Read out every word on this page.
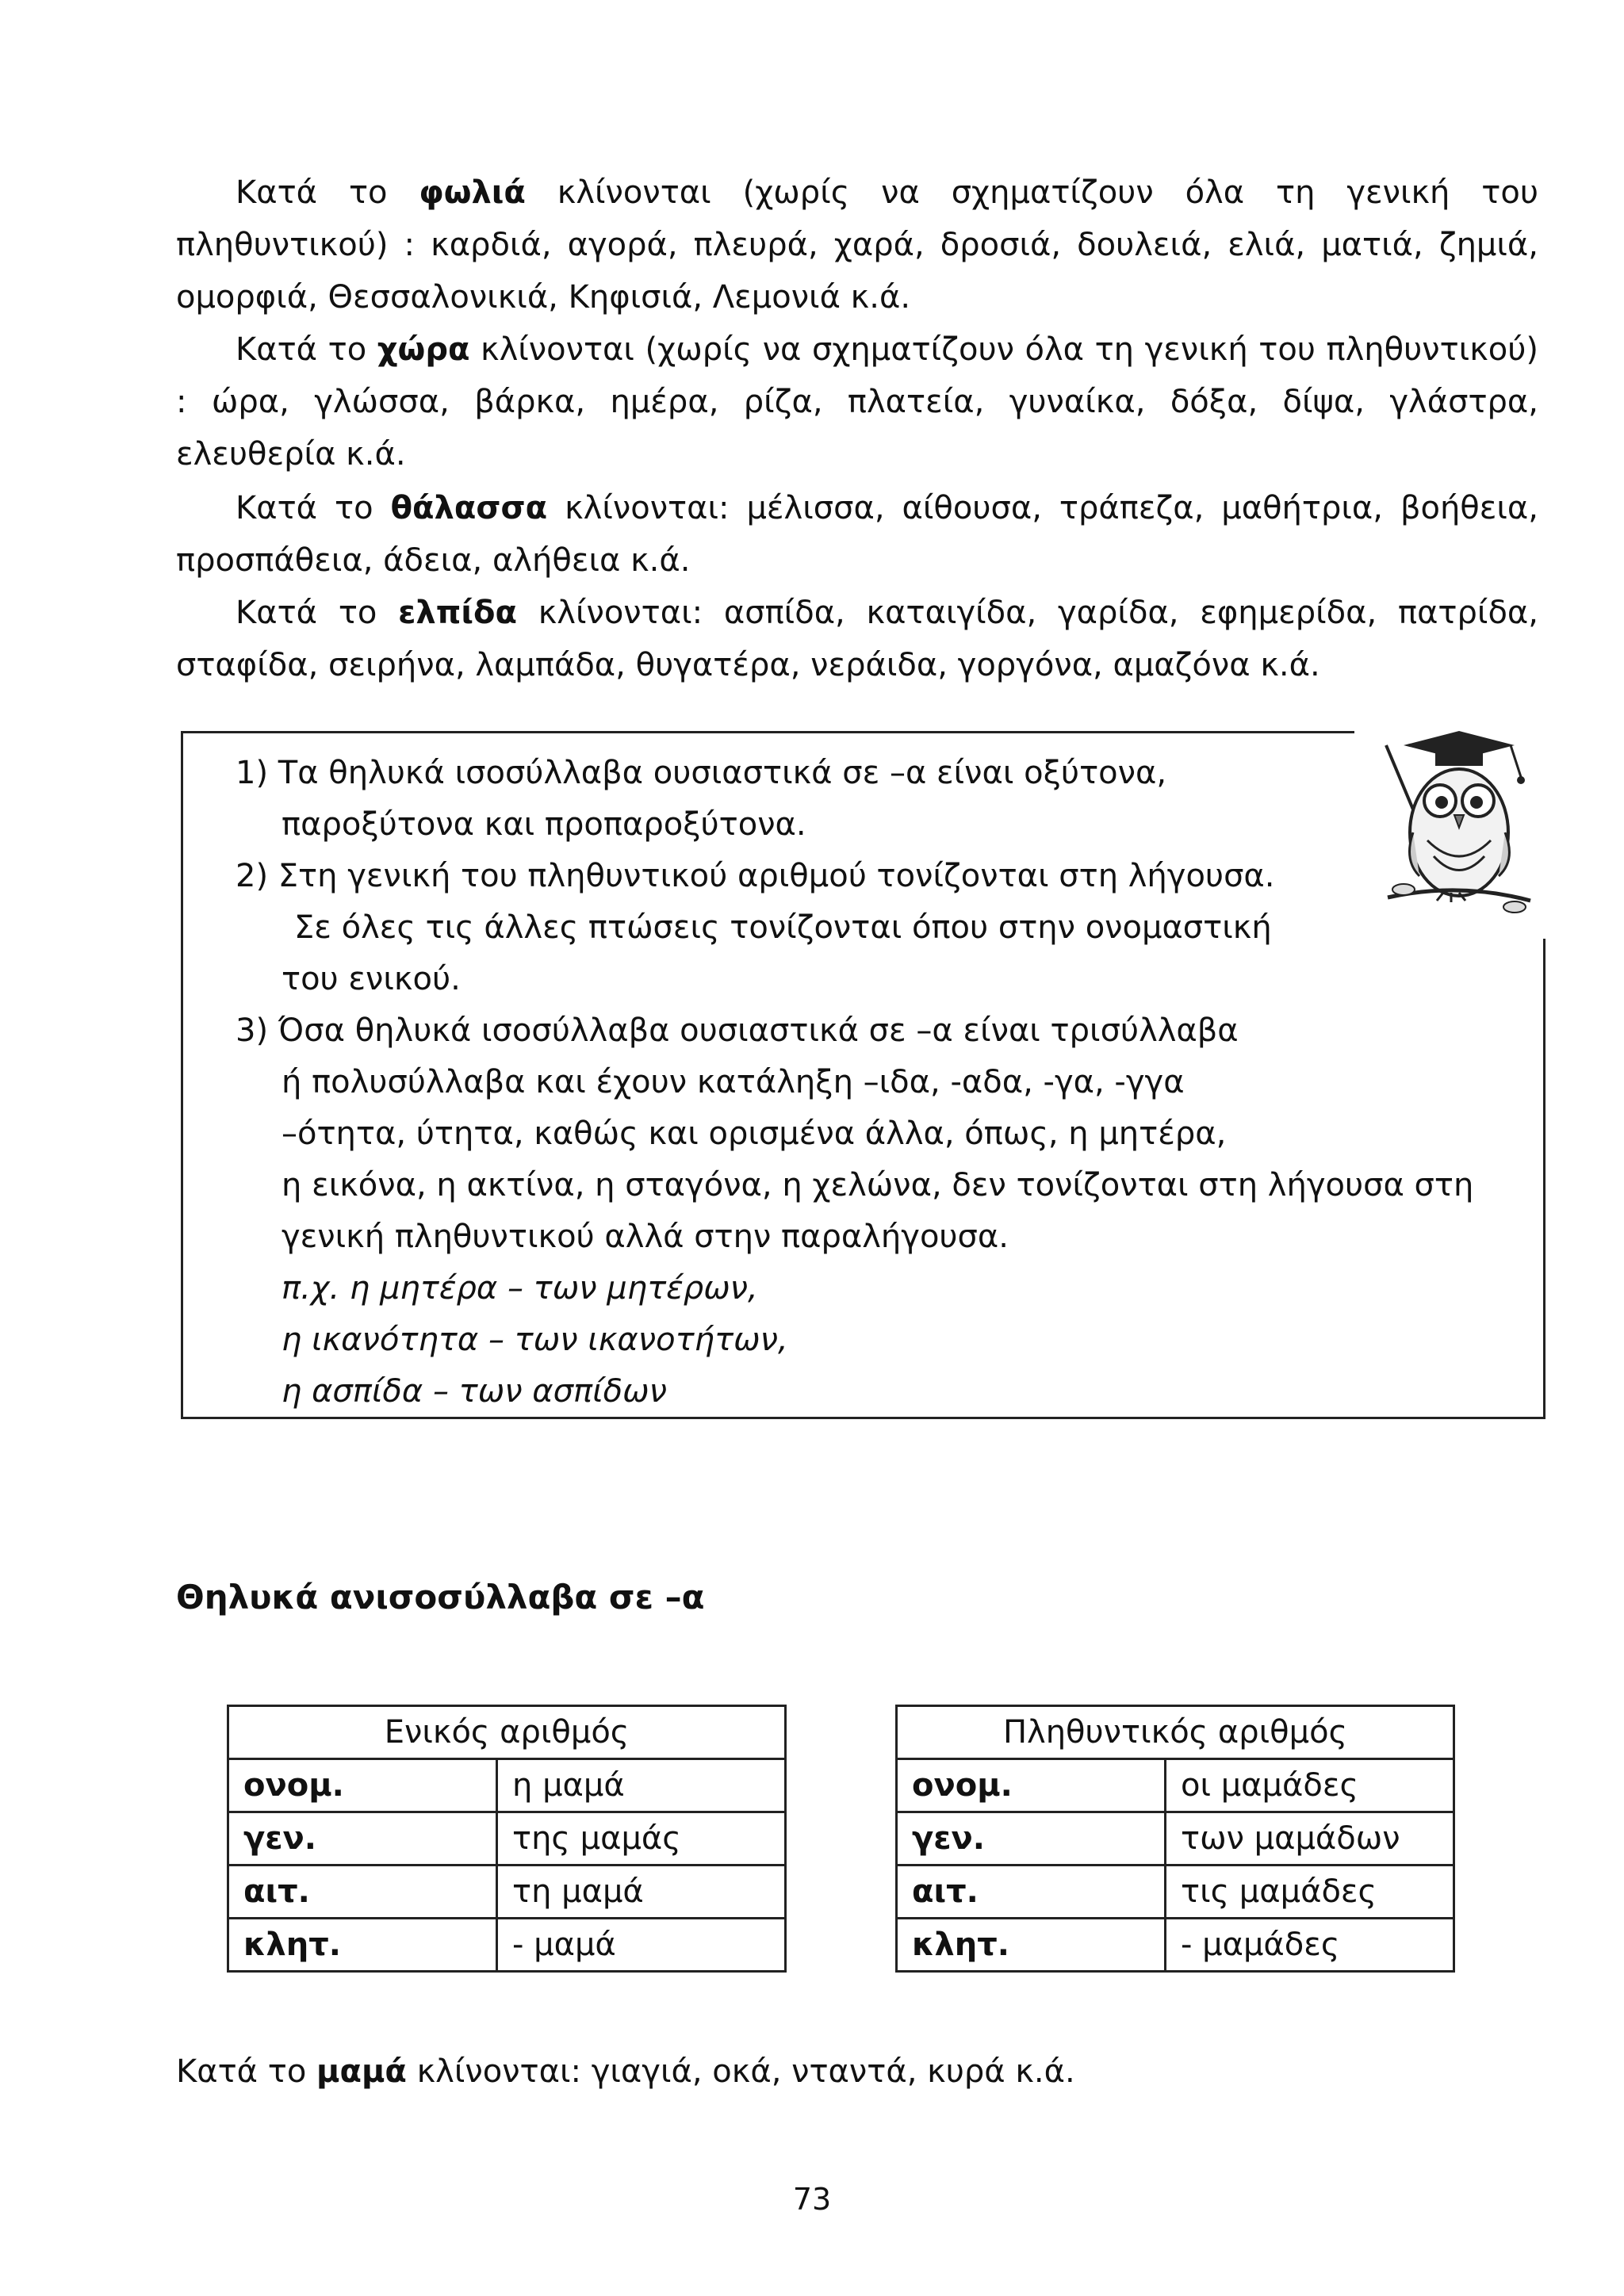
Κατά το φωλιά κλίνονται (χωρίς να σχηματίζουν όλα τη γενική του πληθυντικού) : καρδιά, αγορά, πλευρά, χαρά, δροσιά, δουλειά, ελιά, ματιά, ζημιά, ομορφιά, Θεσσαλονικιά, Κηφισιά, Λεμονιά κ.ά.

Κατά το χώρα κλίνονται (χωρίς να σχηματίζουν όλα τη γενική του πληθυντικού) : ώρα, γλώσσα, βάρκα, ημέρα, ρίζα, πλατεία, γυναίκα, δόξα, δίψα, γλάστρα, ελευθερία κ.ά.

Κατά το θάλασσα κλίνονται: μέλισσα, αίθουσα, τράπεζα, μαθήτρια, βοήθεια, προσπάθεια, άδεια, αλήθεια κ.ά.

Κατά το ελπίδα κλίνονται: ασπίδα, καταιγίδα, γαρίδα, εφημερίδα, πατρίδα, σταφίδα, σειρήνα, λαμπάδα, θυγατέρα, νεράιδα, γοργόνα, αμαζόνα κ.ά.

1) Τα θηλυκά ισοσύλλαβα ουσιαστικά σε –α είναι οξύτονα,
παροξύτονα και προπαροξύτονα.
2) Στη γενική του πληθυντικού αριθμού τονίζονται στη λήγουσα.
Σε όλες τις άλλες πτώσεις τονίζονται όπου στην ονομαστική
του ενικού.
3) Όσα θηλυκά ισοσύλλαβα ουσιαστικά σε –α είναι τρισύλλαβα
ή πολυσύλλαβα και έχουν κατάληξη –ιδα, -αδα, -γα, -γγα
–ότητα, ύτητα, καθώς και ορισμένα άλλα, όπως, η μητέρα,
η εικόνα, η ακτίνα, η σταγόνα, η χελώνα, δεν τονίζονται στη λήγουσα στη
γενική πληθυντικού αλλά στην παραλήγουσα.
π.χ. η μητέρα – των μητέρων,
η ικανότητα – των ικανοτήτων,
η ασπίδα – των ασπίδων
Θηλυκά ανισοσύλλαβα σε –α
Ενικός αριθμός	
ονομ.	η μαμά
γεν.	της μαμάς
αιτ.	τη μαμά
κλητ.	- μαμά
Πληθυντικός αριθμός	
ονομ.	οι μαμάδες
γεν.	των μαμάδων
αιτ.	τις μαμάδες
κλητ.	- μαμάδες

Κατά το μαμά κλίνονται: γιαγιά, οκά, νταντά, κυρά κ.ά.

73
